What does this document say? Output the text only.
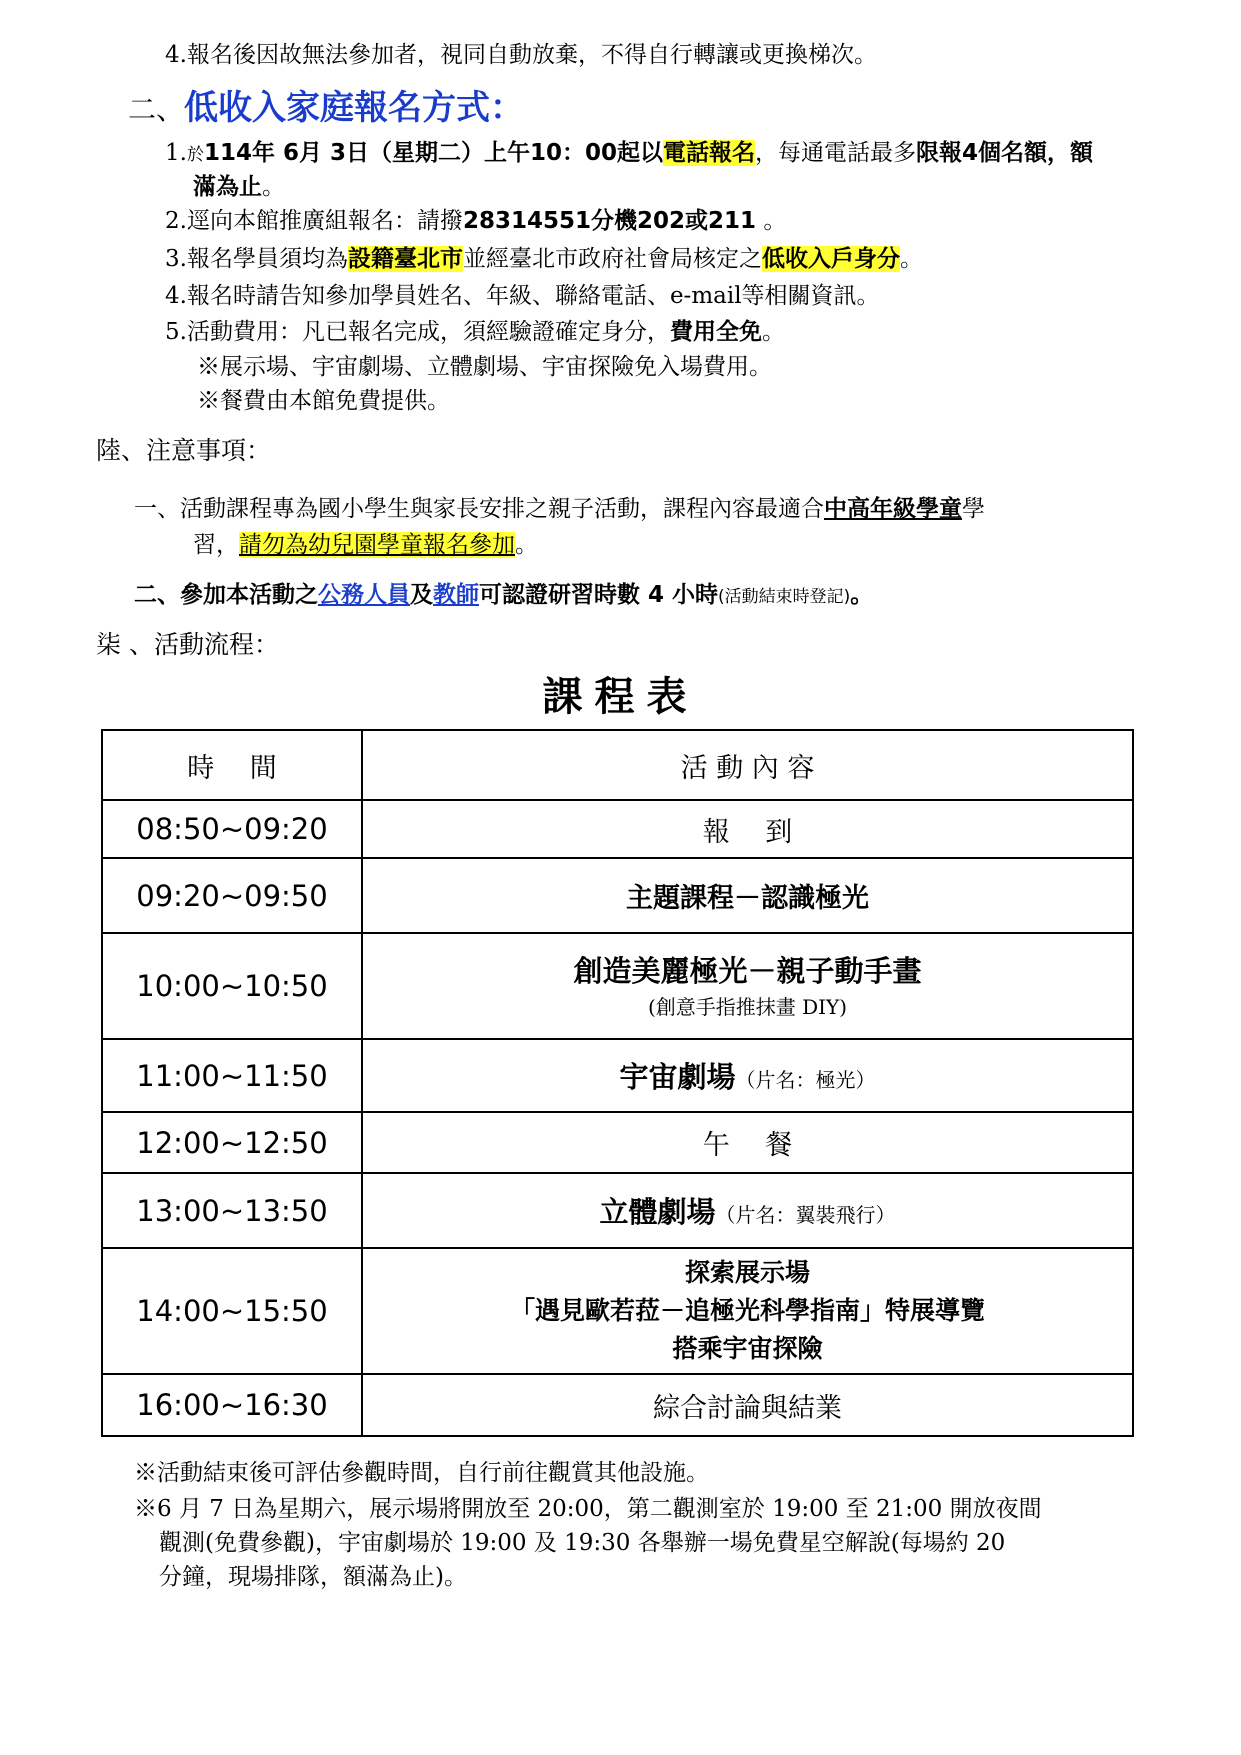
4.報名後因故無法參加者，視同自動放棄，不得自行轉讓或更換梯次。
二、低收入家庭報名方式：
1.於114年 6月 3日（星期二）上午10：00起以電話報名，每通電話最多限報4個名額，額
滿為止。
2.逕向本館推廣組報名：請撥28314551分機202或211 。
3.報名學員須均為設籍臺北市並經臺北市政府社會局核定之低收入戶身分。
4.報名時請告知參加學員姓名、年級、聯絡電話、e-mail等相關資訊。
5.活動費用：凡已報名完成，須經驗證確定身分，費用全免。
※展示場、宇宙劇場、立體劇場、宇宙探險免入場費用。
※餐費由本館免費提供。
陸、注意事項：
一、活動課程專為國小學生與家長安排之親子活動，課程內容最適合中高年級學童學
習，請勿為幼兒園學童報名參加。
二、參加本活動之公務人員及教師可認證研習時數 4 小時(活動結束時登記)。
柒 、活動流程：
課程表
時　 間	活 動 內 容
08:50~09:20	報　 到
09:20~09:50	主題課程－認識極光
10:00~10:50	創造美麗極光－親子動手畫
(創意手指推抹畫 DIY)

11:00~11:50	宇宙劇場（片名：極光）
12:00~12:50	午　 餐
13:00~13:50	立體劇場（片名：翼裝飛行）
14:00~15:50	探索展示場
「遇見歐若菈－追極光科學指南」特展導覽
搭乘宇宙探險

16:00~16:30	綜合討論與結業
※活動結束後可評估參觀時間，自行前往觀賞其他設施。
※6 月 7 日為星期六，展示場將開放至 20:00，第二觀測室於 19:00 至 21:00 開放夜間
觀測(免費參觀)，宇宙劇場於 19:00 及 19:30 各舉辦一場免費星空解說(每場約 20
分鐘，現場排隊，額滿為止)。
